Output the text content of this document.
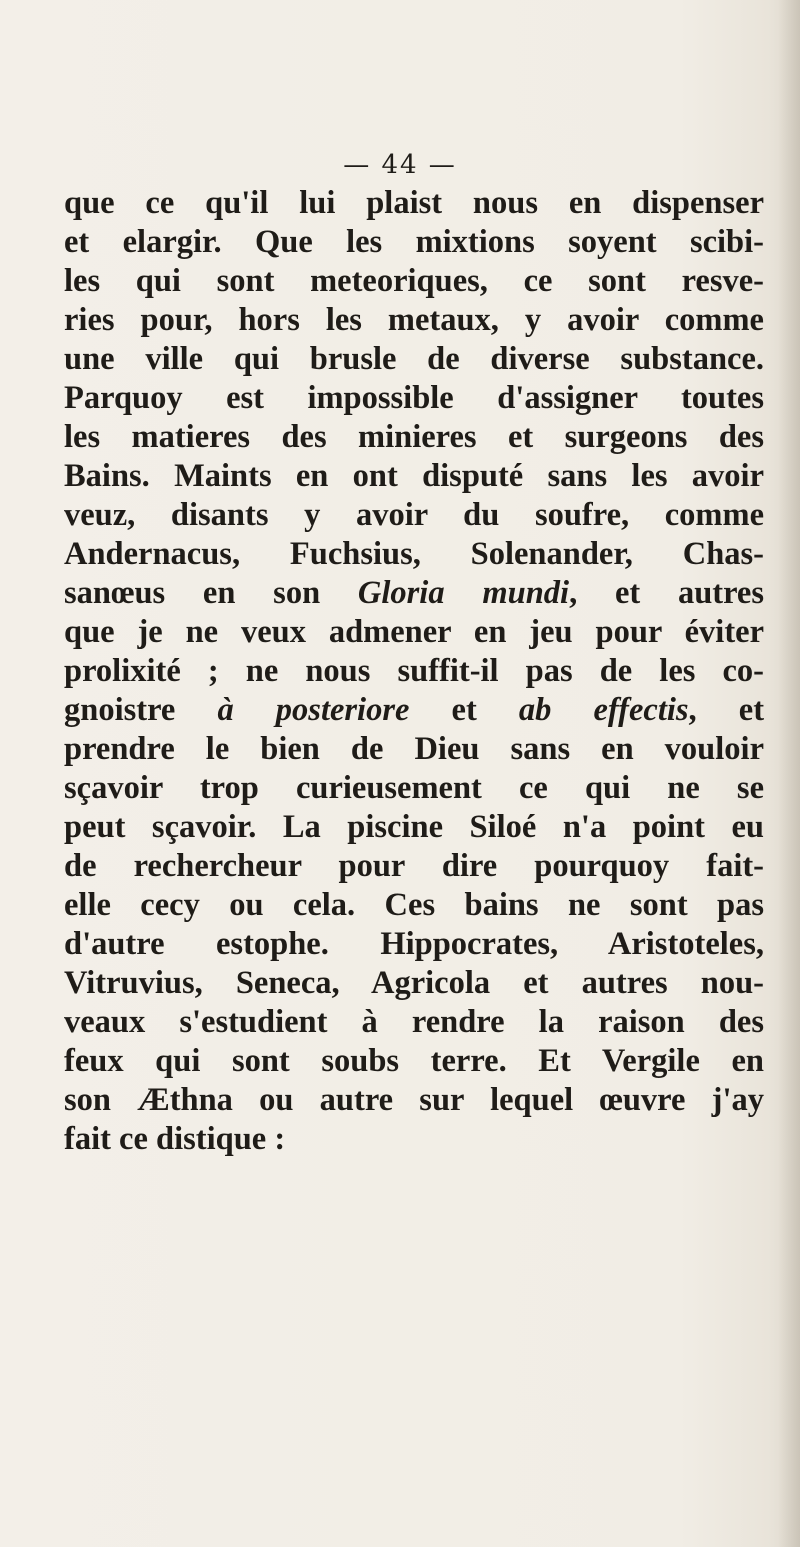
— 44 —
que ce qu'il lui plaist nous en dispenser
et elargir. Que les mixtions soyent scibi-
les qui sont meteoriques, ce sont resve-
ries pour, hors les metaux, y avoir comme
une ville qui brusle de diverse substance.
Parquoy est impossible d'assigner toutes
les matieres des minieres et surgeons des
Bains. Maints en ont disputé sans les avoir
veuz, disants y avoir du soufre, comme
Andernacus, Fuchsius, Solenander, Chas-
sanœus en son Gloria mundi, et autres
que je ne veux admener en jeu pour éviter
prolixité ; ne nous suffit-il pas de les co-
gnoistre à posteriore et ab effectis, et
prendre le bien de Dieu sans en vouloir
sçavoir trop curieusement ce qui ne se
peut sçavoir. La piscine Siloé n'a point eu
de rechercheur pour dire pourquoy fait-
elle cecy ou cela. Ces bains ne sont pas
d'autre estophe. Hippocrates, Aristoteles,
Vitruvius, Seneca, Agricola et autres nou-
veaux s'estudient à rendre la raison des
feux qui sont soubs terre. Et Vergile en
son Æthna ou autre sur lequel œuvre j'ay
fait ce distique :
